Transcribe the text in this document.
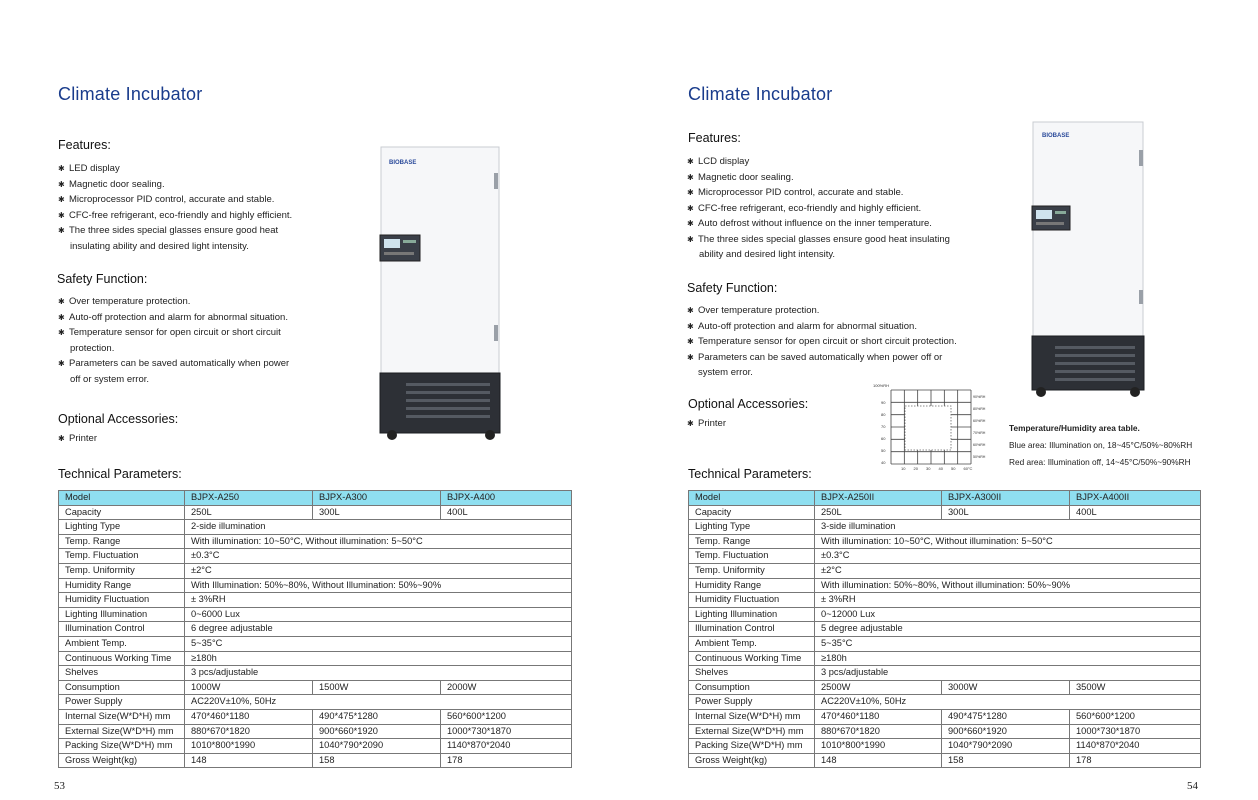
Climate Incubator
Features:
✱ LED display
✱ Magnetic door sealing.
✱ Microprocessor PID control, accurate and stable.
✱ CFC-free refrigerant, eco-friendly and highly efficient.
✱ The three sides special glasses ensure good heat
insulating ability and desired light intensity.
Safety Function:
✱ Over temperature protection.
✱ Auto-off protection and alarm for abnormal situation.
✱ Temperature sensor for open circuit or short circuit
protection.
✱ Parameters can be saved automatically when power
off or system error.
Optional Accessories:
✱ Printer
BIOBASE
Technical Parameters:
Model	BJPX-A250	BJPX-A300	BJPX-A400
Capacity	250L	300L	400L
Lighting Type	2-side illumination		
Temp. Range	With illumination: 10~50°C, Without illumination: 5~50°C		
Temp. Fluctuation	±0.3°C		
Temp. Uniformity	±2°C		
Humidity Range	With Illumination: 50%~80%, Without Illumination: 50%~90%		
Humidity Fluctuation	± 3%RH		
Lighting Illumination	0~6000 Lux		
Illumination Control	6 degree adjustable		
Ambient Temp.	5~35°C		
Continuous Working Time	≥180h		
Shelves	3 pcs/adjustable		
Consumption	1000W	1500W	2000W
Power Supply	AC220V±10%, 50Hz		
Internal Size(W*D*H) mm	470*460*1180	490*475*1280	560*600*1200
External Size(W*D*H) mm	880*670*1820	900*660*1920	1000*730*1870
Packing Size(W*D*H) mm	1010*800*1990	1040*790*2090	1140*870*2040
Gross Weight(kg)	148	158	178
53
Climate Incubator
Features:
✱ LCD display
✱ Magnetic door sealing.
✱ Microprocessor PID control, accurate and stable.
✱ CFC-free refrigerant, eco-friendly and highly efficient.
✱ Auto defrost without influence on the inner temperature.
✱ The three sides special glasses ensure good heat insulating
ability and desired light intensity.
Safety Function:
✱ Over temperature protection.
✱ Auto-off protection and alarm for abnormal situation.
✱ Temperature sensor for open circuit or short circuit protection.
✱ Parameters can be saved automatically when power off or
system error.
Optional Accessories:
✱ Printer
BIOBASE
100%RH
90
80
70
60
50
40
90%RH
80%RH
60%RH
70%RH
60%RH
50%RH
10 20 30 40 50 60°C
Temperature/Humidity area table.
Blue area: Illumination on, 18~45°C/50%~80%RH
Red area: Illumination off, 14~45°C/50%~90%RH
Technical Parameters:
Model	BJPX-A250II	BJPX-A300II	BJPX-A400II
Capacity	250L	300L	400L
Lighting Type	3-side illumination		
Temp. Range	With illumination: 10~50°C, Without illumination: 5~50°C		
Temp. Fluctuation	±0.3°C		
Temp. Uniformity	±2°C		
Humidity Range	With illumination: 50%~80%, Without illumination: 50%~90%		
Humidity Fluctuation	± 3%RH		
Lighting Illumination	0~12000 Lux		
Illumination Control	5 degree adjustable		
Ambient Temp.	5~35°C		
Continuous Working Time	≥180h		
Shelves	3 pcs/adjustable		
Consumption	2500W	3000W	3500W
Power Supply	AC220V±10%, 50Hz		
Internal Size(W*D*H) mm	470*460*1180	490*475*1280	560*600*1200
External Size(W*D*H) mm	880*670*1820	900*660*1920	1000*730*1870
Packing Size(W*D*H) mm	1010*800*1990	1040*790*2090	1140*870*2040
Gross Weight(kg)	148	158	178
54
